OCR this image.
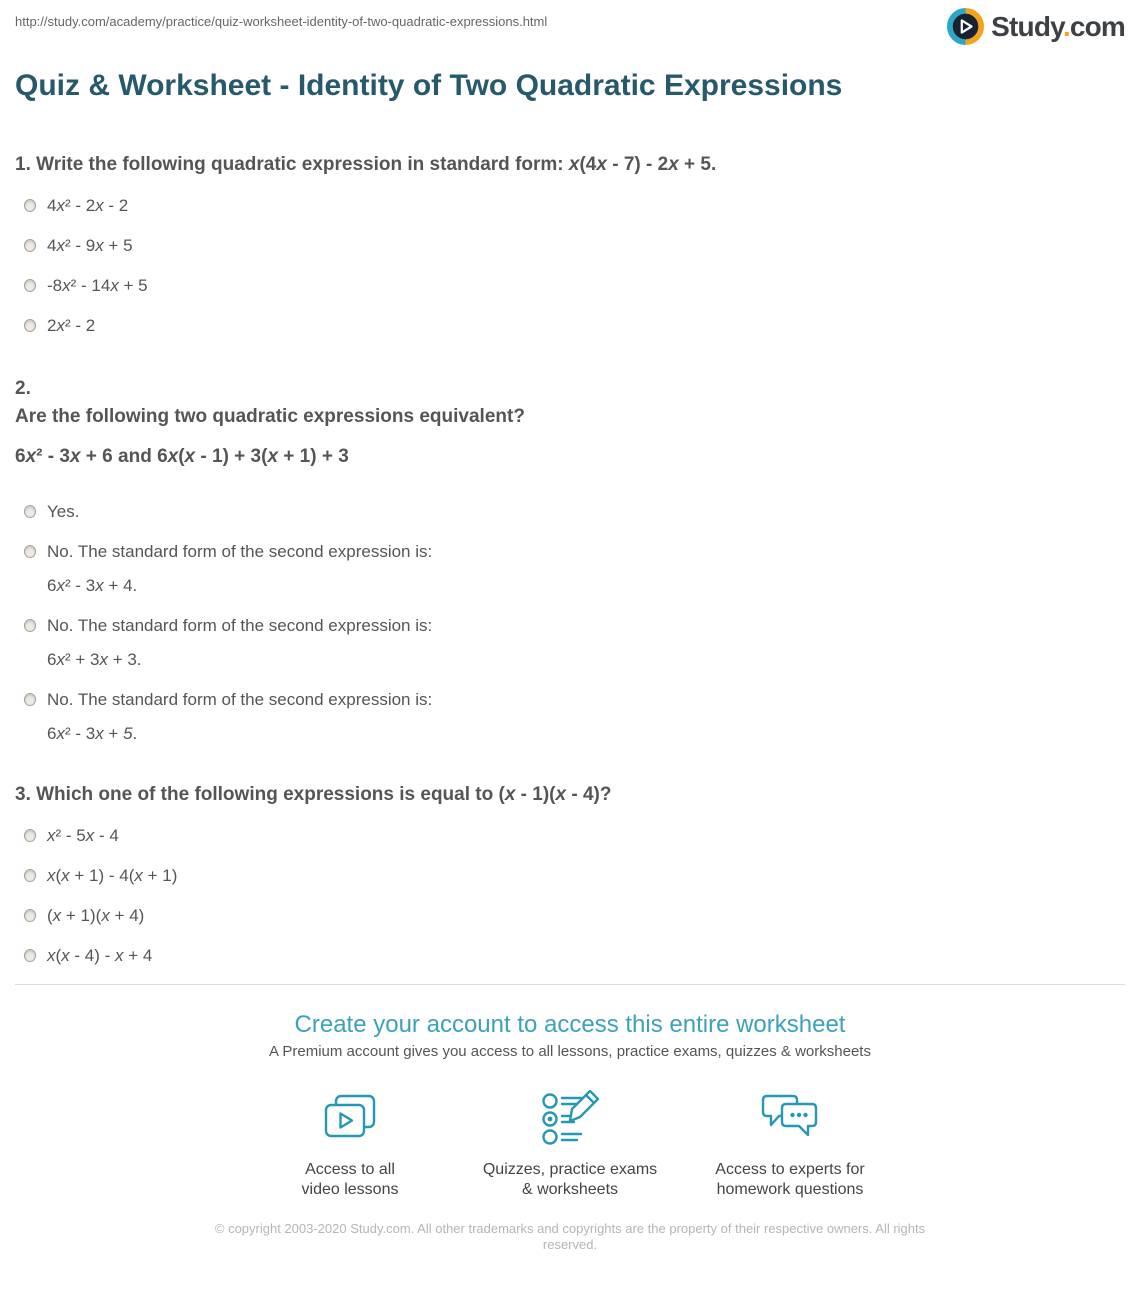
http://study.com/academy/practice/quiz-worksheet-identity-of-two-quadratic-expressions.html	Study.com
Quiz & Worksheet - Identity of Two Quadratic Expressions
1. Write the following quadratic expression in standard form: x(4x - 7) - 2x + 5.
4x² - 2x - 2
4x² - 9x + 5
-8x² - 14x + 5
2x² - 2
2.
Are the following two quadratic expressions equivalent?
6x² - 3x + 6 and 6x(x - 1) + 3(x + 1) + 3
Yes.
No. The standard form of the second expression is:
6x² - 3x + 4.
No. The standard form of the second expression is:
6x² + 3x + 3.
No. The standard form of the second expression is:
6x² - 3x + 5.
3. Which one of the following expressions is equal to (x - 1)(x - 4)?
x² - 5x - 4
x(x + 1) - 4(x + 1)
(x + 1)(x + 4)
x(x - 4) - x + 4
Create your account to access this entire worksheet
A Premium account gives you access to all lessons, practice exams, quizzes & worksheets
Access to all
video lessons
Quizzes, practice exams
& worksheets
Access to experts for
homework questions
© copyright 2003-2020 Study.com. All other trademarks and copyrights are the property of their respective owners. All rights reserved.
